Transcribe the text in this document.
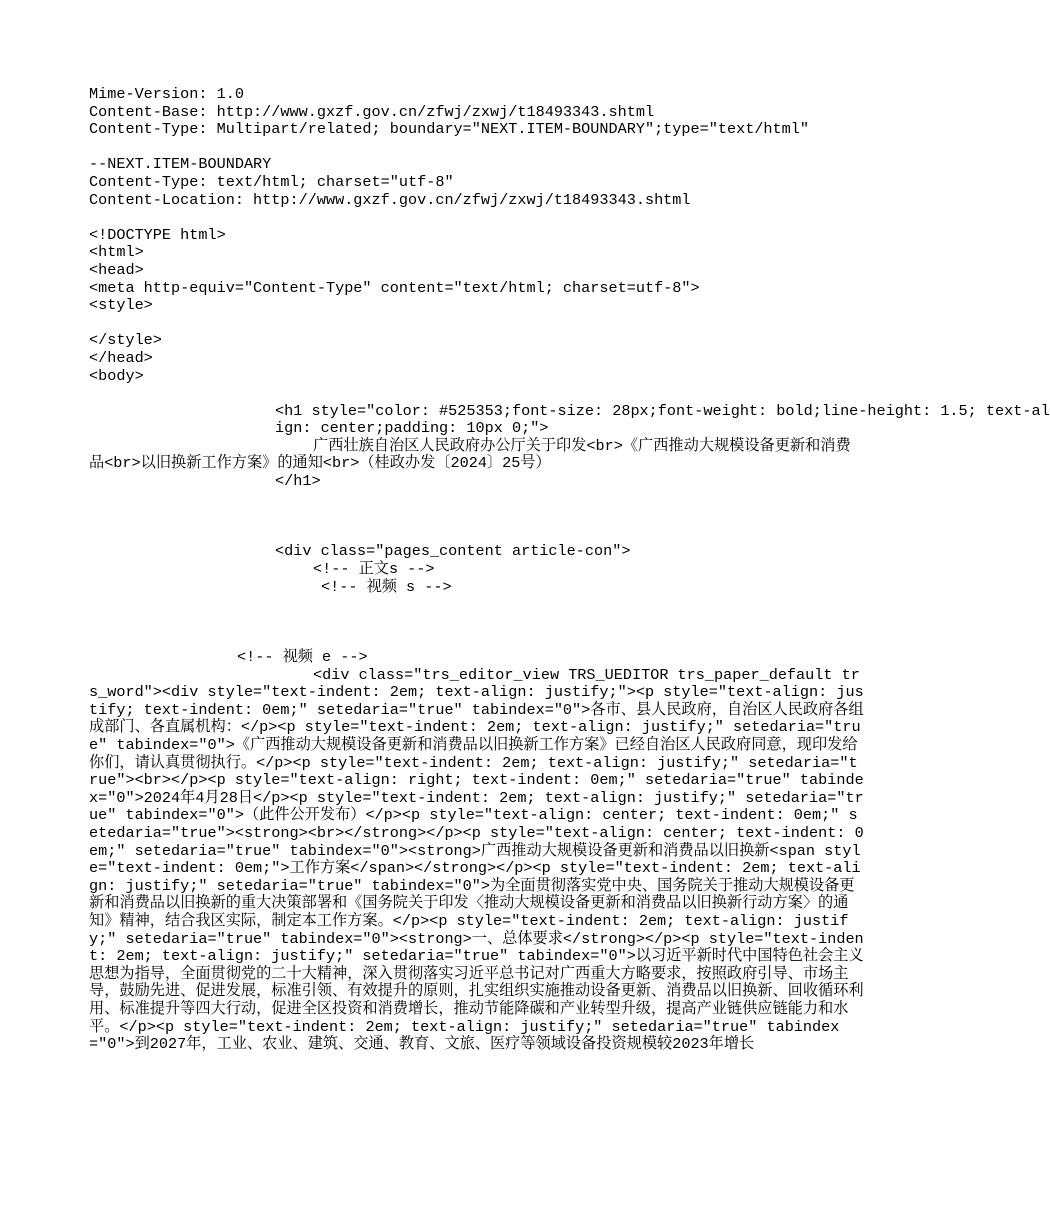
Mime-Version: 1.0
Content-Base: http://www.gxzf.gov.cn/zfwj/zxwj/t18493343.shtml
Content-Type: Multipart/related; boundary="NEXT.ITEM-BOUNDARY";type="text/html"
--NEXT.ITEM-BOUNDARY
Content-Type: text/html; charset="utf-8"
Content-Location: http://www.gxzf.gov.cn/zfwj/zxwj/t18493343.shtml
<!DOCTYPE html>
<html>
<head>
<meta http-equiv="Content-Type" content="text/html; charset=utf-8">
<style>
</style>
</head>
<body>
<h1 style="color: #525353;font-size: 28px;font-weight: bold;line-height: 1.5; text-align: center;padding: 10px 0;">
广西壮族自治区人民政府办公厅关于印发<br>《广西推动大规模设备更新和消费品<br>以旧换新工作方案》的通知<br>（桂政办发〔2024〕25号）
</h1>
<div class="pages_content article-con">
<!-- 正文s -->
<!-- 视频 s -->
<!-- 视频 e -->
<div class="trs_editor_view TRS_UEDITOR trs_paper_default trs_word"><div style="text-indent: 2em; text-align: justify;"><p style="text-align: justify; text-indent: 0em;" setedaria="true" tabindex="0">各市、县人民政府，自治区人民政府各组成部门、各直属机构：</p><p style="text-indent: 2em; text-align: justify;" setedaria="true" tabindex="0">《广西推动大规模设备更新和消费品以旧换新工作方案》已经自治区人民政府同意，现印发给你们，请认真贯彻执行。</p><p style="text-indent: 2em; text-align: justify;" setedaria="true"><br></p><p style="text-align: right; text-indent: 0em;" setedaria="true" tabindex="0">2024年4月28日</p><p style="text-indent: 2em; text-align: justify;" setedaria="true" tabindex="0">（此件公开发布）</p><p style="text-align: center; text-indent: 0em;" setedaria="true"><strong><br></strong></p><p style="text-align: center; text-indent: 0em;" setedaria="true" tabindex="0"><strong>广西推动大规模设备更新和消费品以旧换新<span style="text-indent: 0em;">工作方案</span></strong></p><p style="text-indent: 2em; text-align: justify;" setedaria="true" tabindex="0">为全面贯彻落实党中央、国务院关于推动大规模设备更新和消费品以旧换新的重大决策部署和《国务院关于印发〈推动大规模设备更新和消费品以旧换新行动方案〉的通知》精神，结合我区实际，制定本工作方案。</p><p style="text-indent: 2em; text-align: justify;" setedaria="true" tabindex="0"><strong>一、总体要求</strong></p><p style="text-indent: 2em; text-align: justify;" setedaria="true" tabindex="0">以习近平新时代中国特色社会主义思想为指导，全面贯彻党的二十大精神，深入贯彻落实习近平总书记对广西重大方略要求，按照政府引导、市场主导，鼓励先进、促进发展，标准引领、有效提升的原则，扎实组织实施推动设备更新、消费品以旧换新、回收循环利用、标准提升等四大行动，促进全区投资和消费增长，推动节能降碳和产业转型升级，提高产业链供应链能力和水平。</p><p style="text-indent: 2em; text-align: justify;" setedaria="true" tabindex="0">到2027年，工业、农业、建筑、交通、教育、文旅、医疗等领域设备投资规模较2023年增长
